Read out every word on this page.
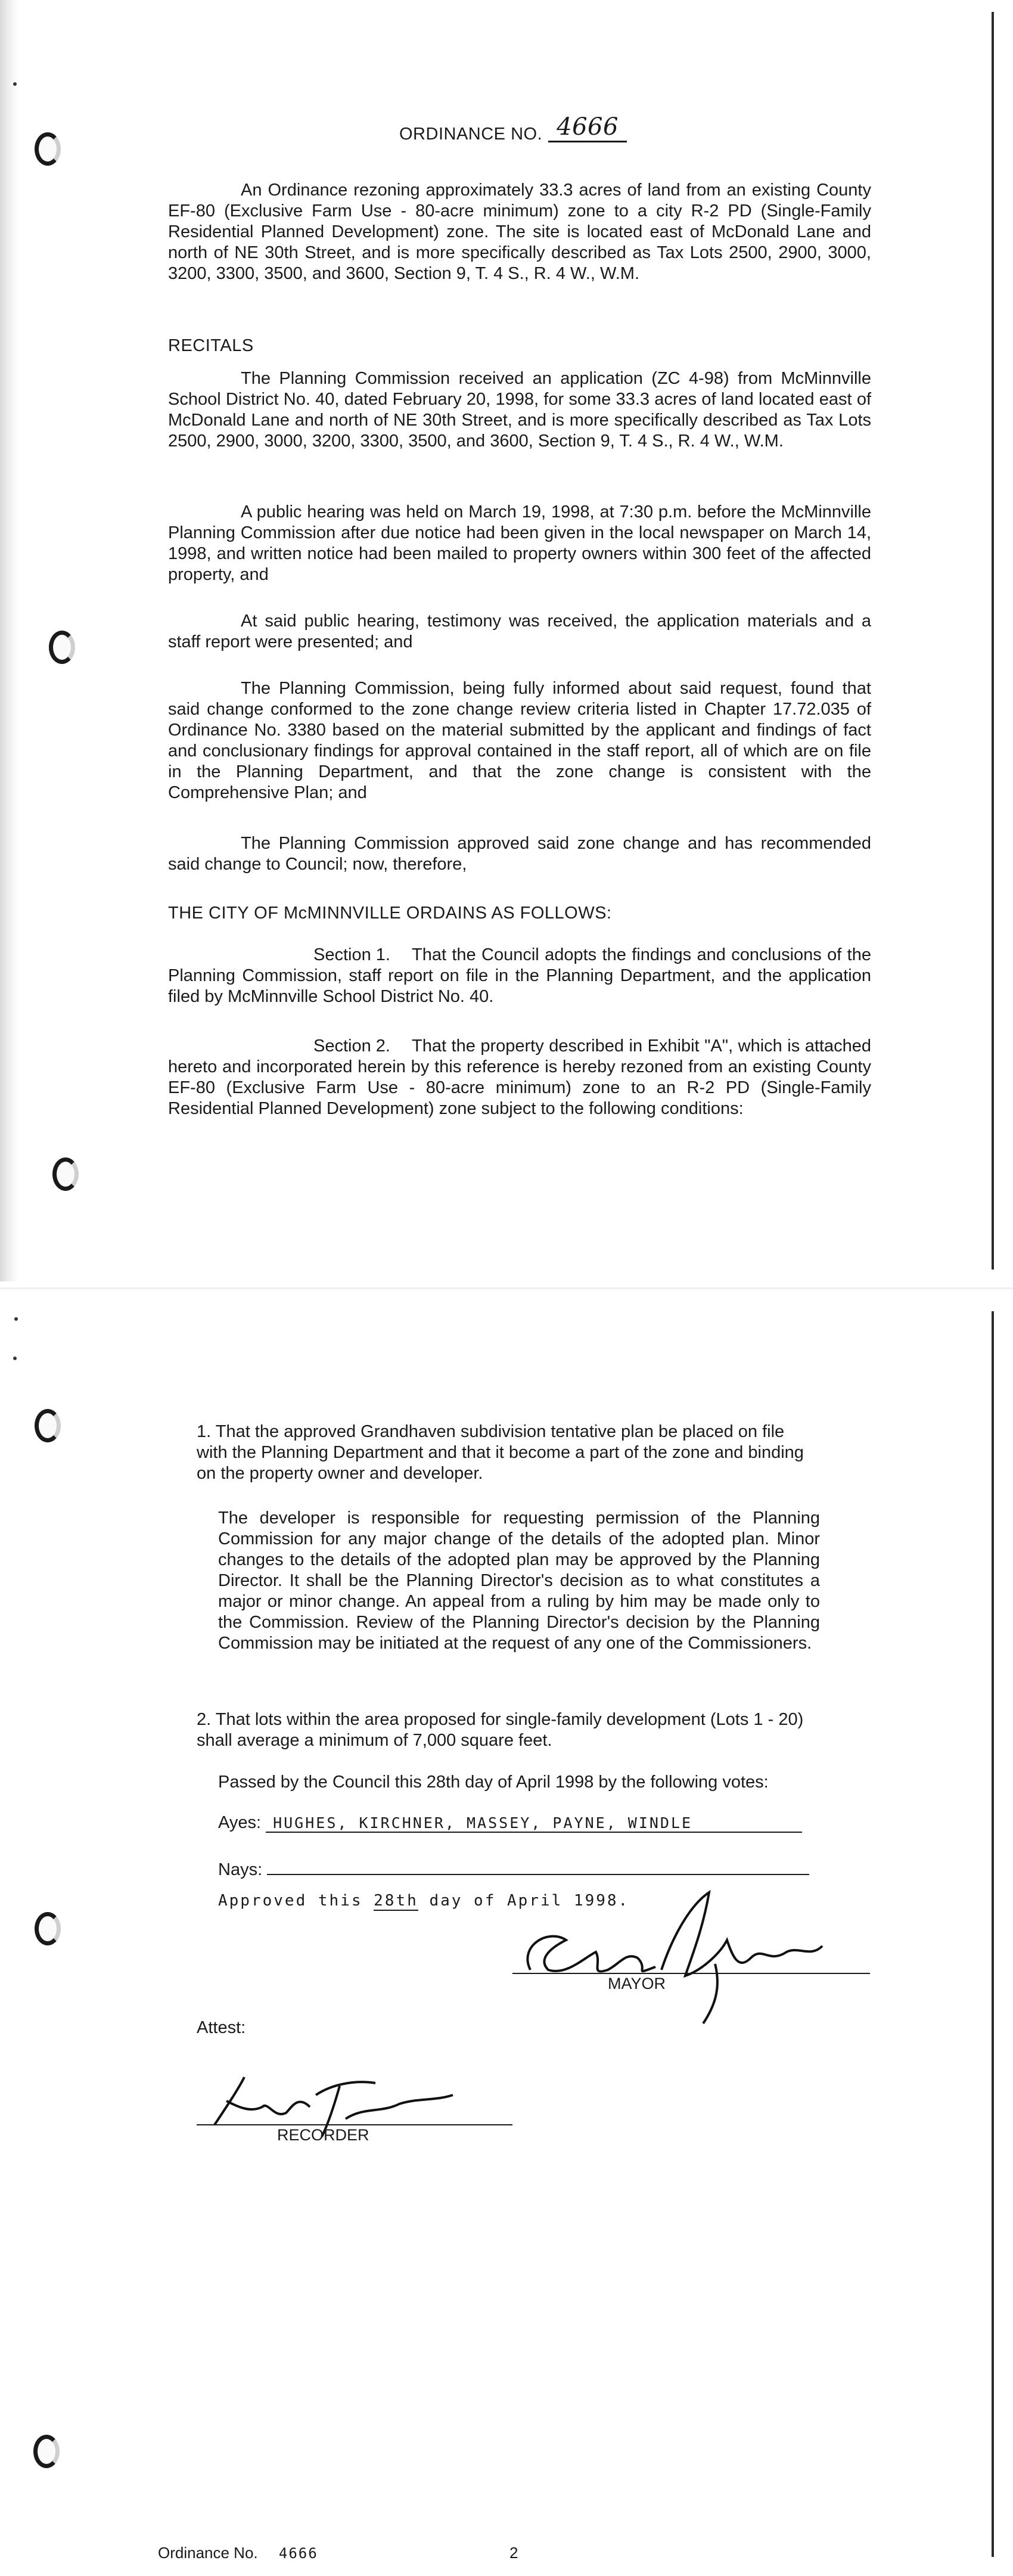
ORDINANCE NO. 4666
An Ordinance rezoning approximately 33.3 acres of land from an existing County EF-80 (Exclusive Farm Use - 80-acre minimum) zone to a city R-2 PD (Single-Family Residential Planned Development) zone. The site is located east of McDonald Lane and north of NE 30th Street, and is more specifically described as Tax Lots 2500, 2900, 3000, 3200, 3300, 3500, and 3600, Section 9, T. 4 S., R. 4 W., W.M.
RECITALS
The Planning Commission received an application (ZC 4-98) from McMinnville School District No. 40, dated February 20, 1998, for some 33.3 acres of land located east of McDonald Lane and north of NE 30th Street, and is more specifically described as Tax Lots 2500, 2900, 3000, 3200, 3300, 3500, and 3600, Section 9, T. 4 S., R. 4 W., W.M.
A public hearing was held on March 19, 1998, at 7:30 p.m. before the McMinnville Planning Commission after due notice had been given in the local newspaper on March 14, 1998, and written notice had been mailed to property owners within 300 feet of the affected property, and
At said public hearing, testimony was received, the application materials and a staff report were presented; and
The Planning Commission, being fully informed about said request, found that said change conformed to the zone change review criteria listed in Chapter 17.72.035 of Ordinance No. 3380 based on the material submitted by the applicant and findings of fact and conclusionary findings for approval contained in the staff report, all of which are on file in the Planning Department, and that the zone change is consistent with the Comprehensive Plan; and
The Planning Commission approved said zone change and has recommended said change to Council; now, therefore,
THE CITY OF McMINNVILLE ORDAINS AS FOLLOWS:
Section 1. That the Council adopts the findings and conclusions of the Planning Commission, staff report on file in the Planning Department, and the application filed by McMinnville School District No. 40.
Section 2. That the property described in Exhibit "A", which is attached hereto and incorporated herein by this reference is hereby rezoned from an existing County EF-80 (Exclusive Farm Use - 80-acre minimum) zone to an R-2 PD (Single-Family Residential Planned Development) zone subject to the following conditions:
1. That the approved Grandhaven subdivision tentative plan be placed on file with the Planning Department and that it become a part of the zone and binding on the property owner and developer.
The developer is responsible for requesting permission of the Planning Commission for any major change of the details of the adopted plan. Minor changes to the details of the adopted plan may be approved by the Planning Director. It shall be the Planning Director's decision as to what constitutes a major or minor change. An appeal from a ruling by him may be made only to the Commission. Review of the Planning Director's decision by the Planning Commission may be initiated at the request of any one of the Commissioners.
2. That lots within the area proposed for single-family development (Lots 1 - 20) shall average a minimum of 7,000 square feet.
Passed by the Council this 28th day of April 1998 by the following votes:
Ayes: HUGHES, KIRCHNER, MASSEY, PAYNE, WINDLE
Nays:
Approved this 28th day of April 1998.
MAYOR
Attest:
RECORDER
Ordinance No. 4666	2
